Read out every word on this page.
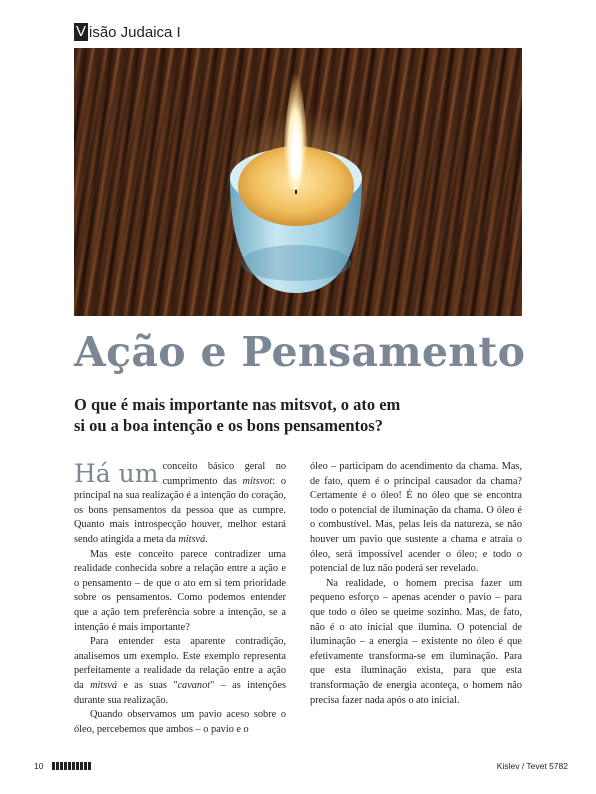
V isão Judaica I
Ação e Pensamento
O que é mais importante nas mitsvot, o ato em si ou a boa intenção e os bons pensamentos?

Há um conceito básico geral no cumprimento das mitsvot: o principal na sua realização é a intenção do coração, os bons pensamentos da pessoa que as cumpre. Quanto mais introspecção houver, melhor estará sendo atingida a meta da mitsvá.

Mas este conceito parece contradizer uma realidade conhecida sobre a relação entre a ação e o pensamento – de que o ato em si tem prioridade sobre os pensamentos. Como podemos entender que a ação tem preferência sobre a intenção, se a intenção é mais importante?

Para entender esta aparente contradição, analisemos um exemplo. Este exemplo representa perfeitamente a realidade da relação entre a ação da mitsvá e as suas "cavanot" – as intenções durante sua realização.

Quando observamos um pavio aceso sobre o óleo, percebemos que ambos – o pavio e o

óleo – participam do acendimento da chama. Mas, de fato, quem é o principal causador da chama? Certamente é o óleo! É no óleo que se encontra todo o potencial de iluminação da chama. O óleo é o combustível. Mas, pelas leis da natureza, se não houver um pavio que sustente a chama e atraia o óleo, será impossível acender o óleo; e todo o potencial de luz não poderá ser revelado.

Na realidade, o homem precisa fazer um pequeno esforço – apenas acender o pavio – para que todo o óleo se queime sozinho. Mas, de fato, não é o ato inicial que ilumina. O potencial de iluminação – a energia – existente no óleo é que efetivamente transforma-se em iluminação. Para que esta iluminação exista, para que esta transformação de energia aconteça, o homem não precisa fazer nada após o ato inicial.

10	Kislev / Tevet 5782
